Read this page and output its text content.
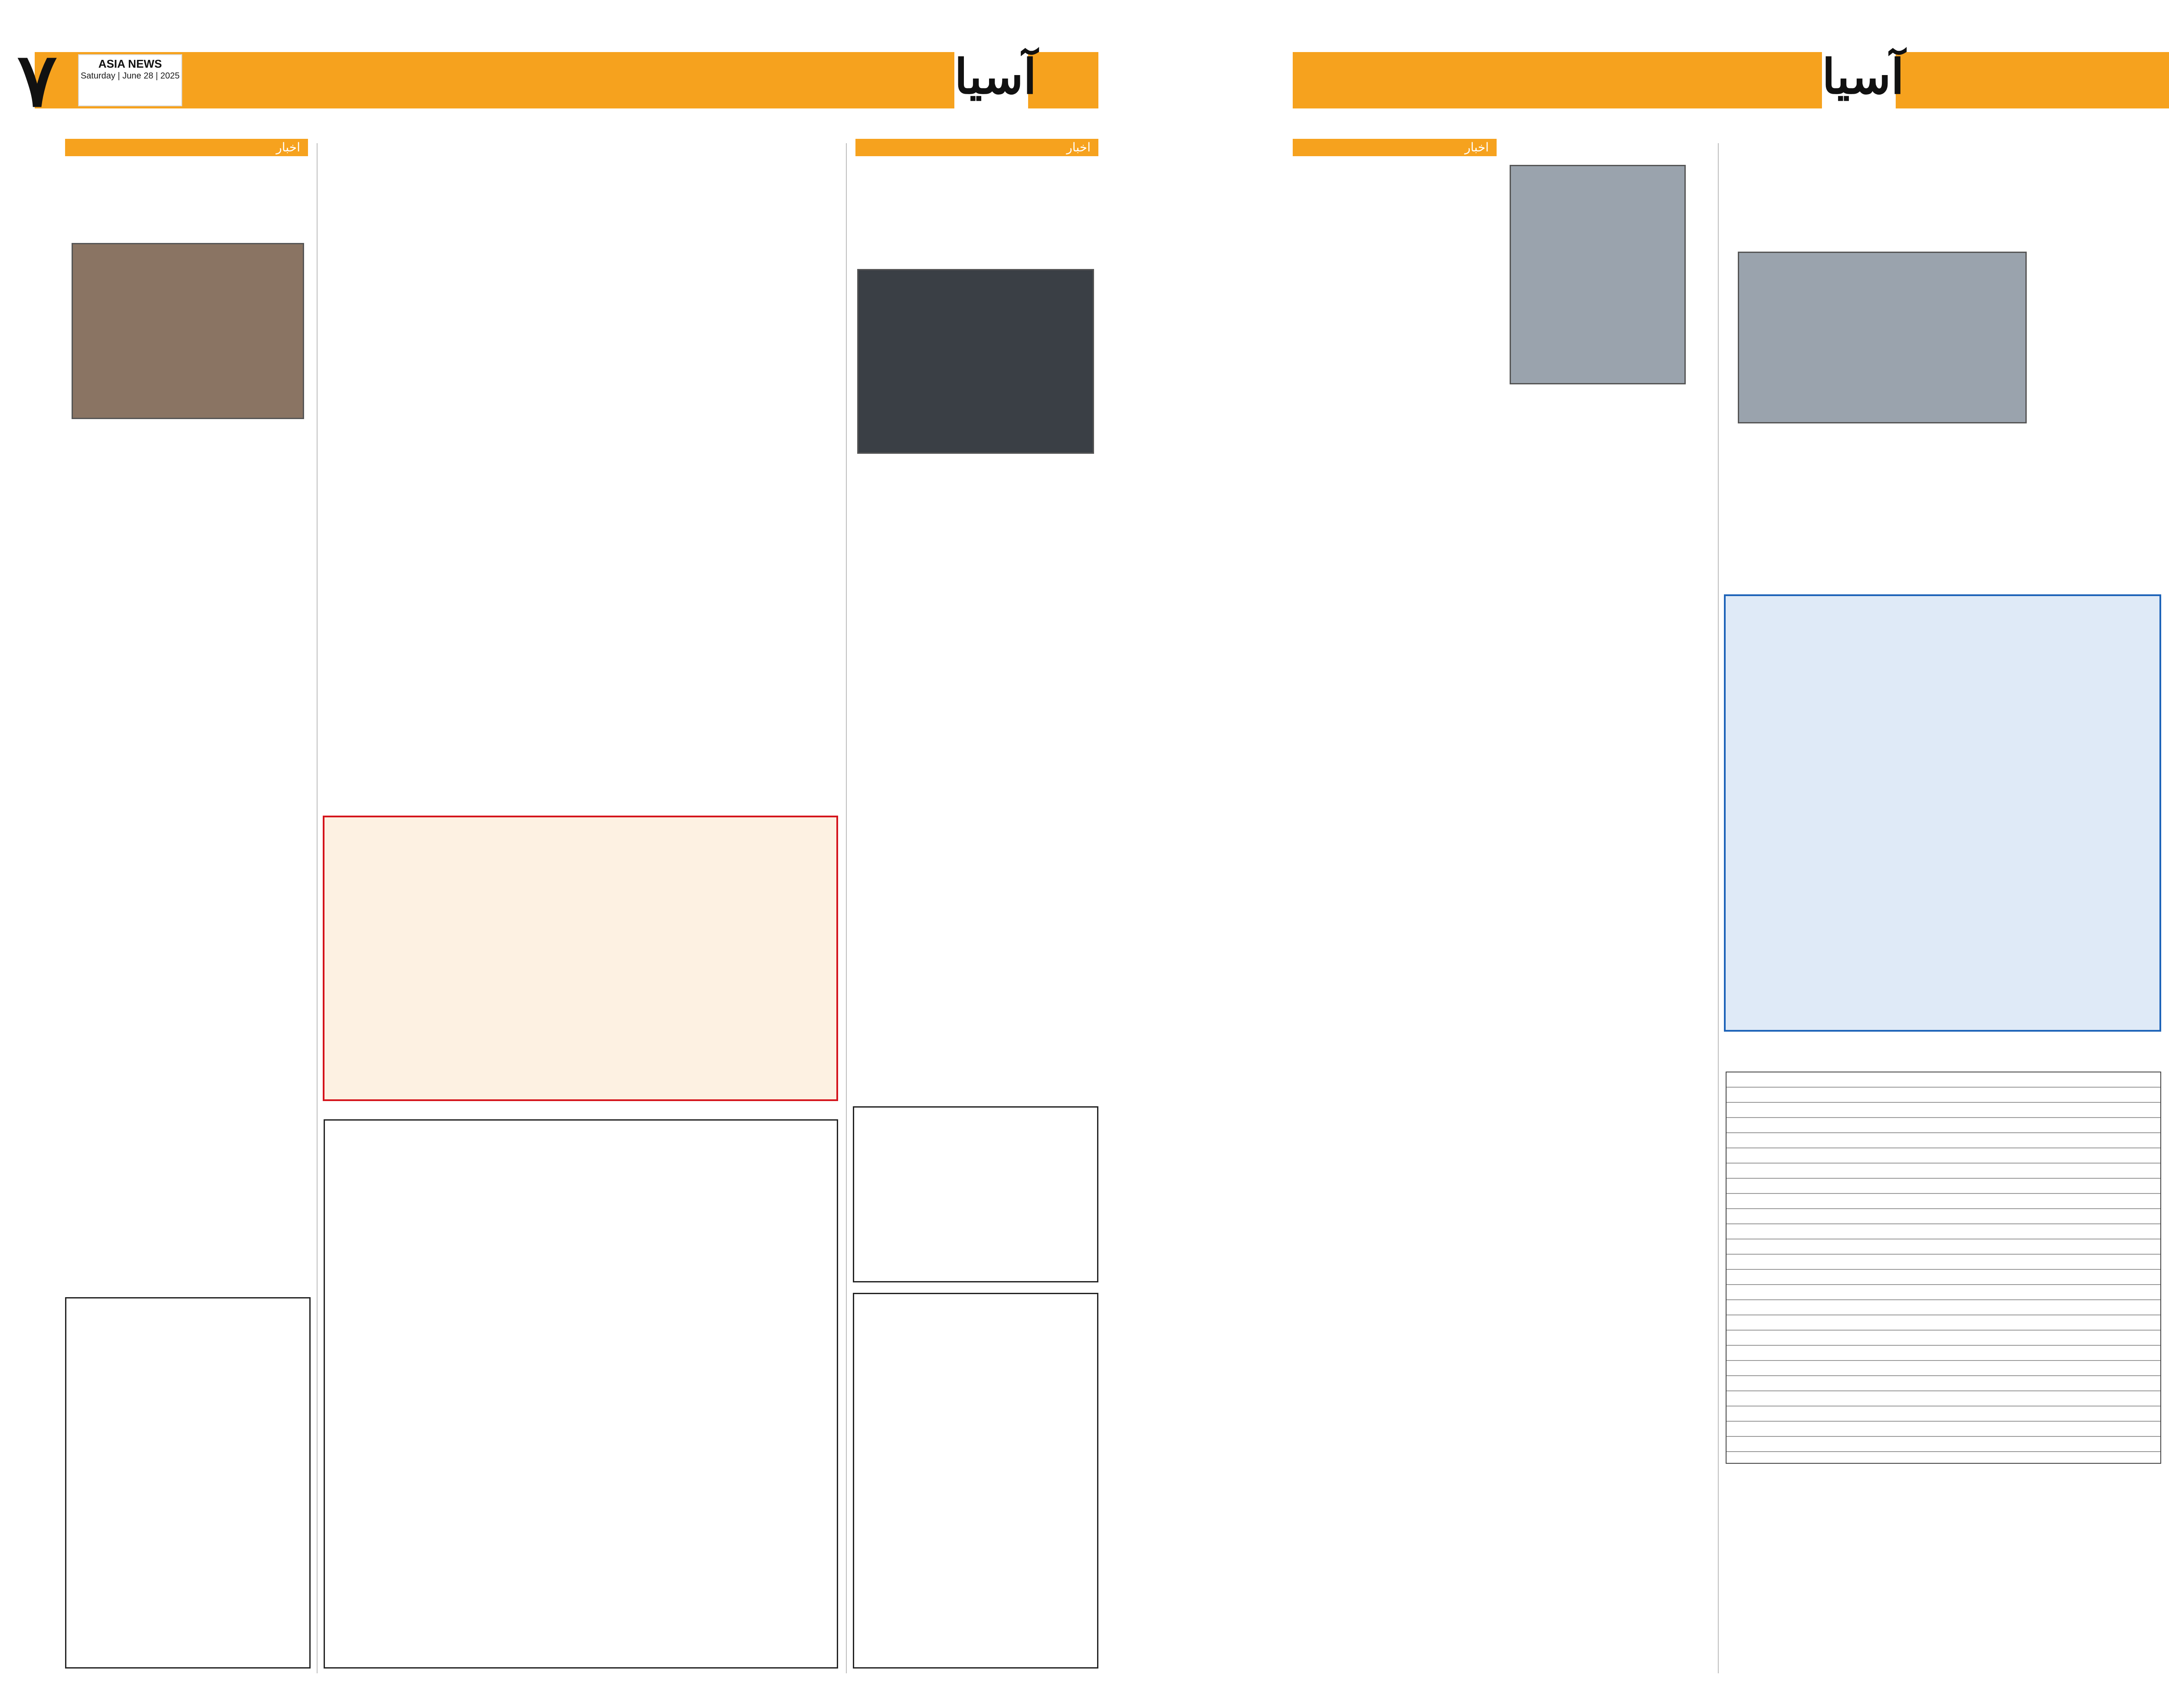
آسیا
اخبار
۷	ASIA NEWS
Saturday | June 28 | 2025	آسیا
اخبار
اخبار
